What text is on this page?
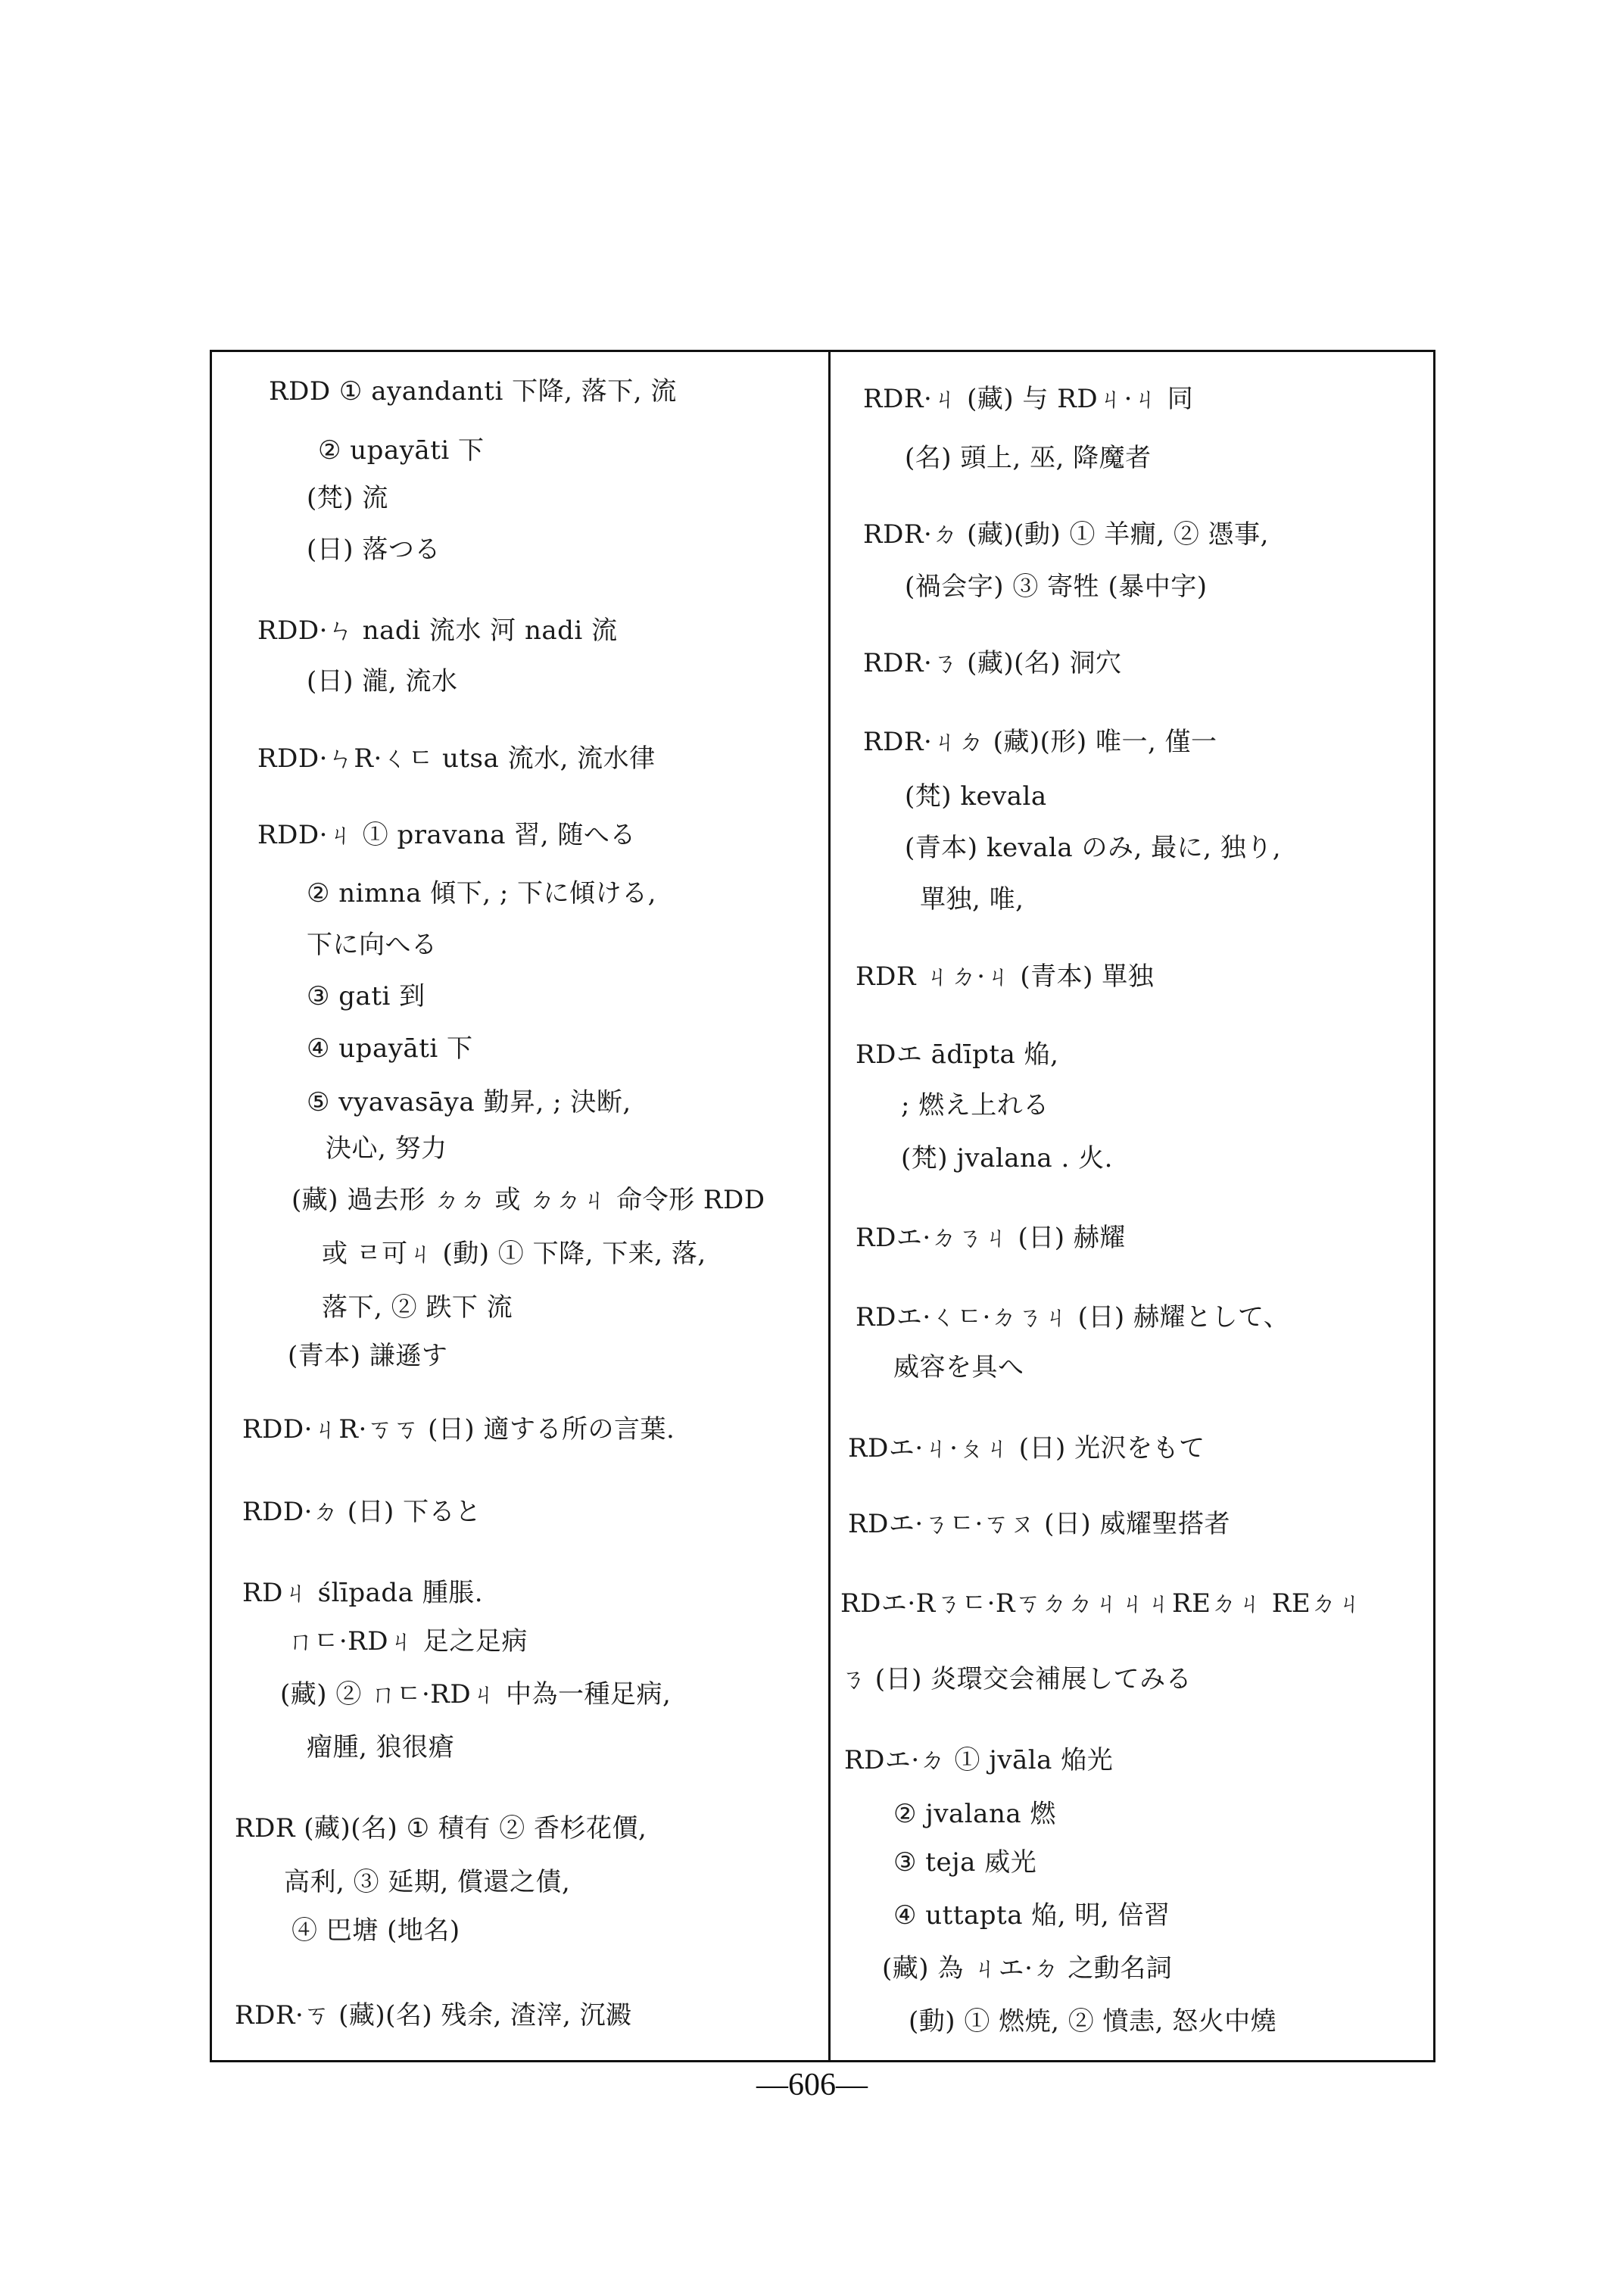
RDD ① ayandanti 下降, 落下, 流
② upayāti 下
(梵) 流
(日) 落つる
RDD·ㄣ nadi 流水 河 nadi 流
(日) 瀧, 流水
RDD·ㄣR·ㄑㄷ utsa 流水, 流水律
RDD·ㄐ ① pravana 習, 随へる
② nimna 傾下, ; 下に傾ける,
下に向へる
③ gati 到
④ upayāti 下
⑤ vyavasāya 勤昇, ; 決断,
決心, 努力
(藏) 過去形 ㄉㄉ 或 ㄉㄉㄐ 命令形 RDD
或 ㄹ可ㄐ (動) ① 下降, 下来, 落,
落下, ② 跌下 流
(青本) 謙遜す
RDD·ㄐR·ㄎㄎ (日) 適する所の言葉.
RDD·ㄉ (日) 下ると
RDㄐ ślīpada 腫脹.
ㄇㄷ·RDㄐ 足之足病
(藏) ② ㄇㄷ·RDㄐ 中為一種足病,
瘤腫, 狼很瘡
RDR (藏)(名) ① 積有 ② 香杉花價,
高利, ③ 延期, 償還之債,
④ 巴塘 (地名)
RDR·ㄎ (藏)(名) 残余, 渣滓, 沉澱
RDR·ㄐ (藏) 与 RDㄐ·ㄐ 同
(名) 頭上, 巫, 降魔者
RDR·ㄉ (藏)(動) ① 羊癇, ② 憑事,
(禍会字) ③ 寄牲 (暴中字)
RDR·ㄋ (藏)(名) 洞穴
RDR·ㄐㄉ (藏)(形) 唯一, 僅一
(梵) kevala
(青本) kevala のみ, 最に, 独り,
單独, 唯,
RDR ㄐㄉ·ㄐ (青本) 單独
RDエ ādīpta 焔,
; 燃え上れる
(梵) jvalana . 火.
RDエ·ㄉㄋㄐ (日) 赫耀
RDエ·ㄑㄷ·ㄉㄋㄐ (日) 赫耀として、
威容を具へ
RDエ·ㄐ·ㄆㄐ (日) 光沢をもて
RDエ·ㄋㄷ·ㄎㄡ (日) 威耀聖搭者
RDエ·Rㄋㄷ·RㄎㄉㄉㄐㄐㄐREㄉㄐ REㄉㄐ
ㄋ (日) 炎環交会補展してみる
RDエ·ㄉ ① jvāla 焔光
② jvalana 燃
③ teja 威光
④ uttapta 焔, 明, 倍習
(藏) 為 ㄐエ·ㄉ 之動名詞
(動) ① 燃焼, ② 憤恚, 怒火中燒
—606—
